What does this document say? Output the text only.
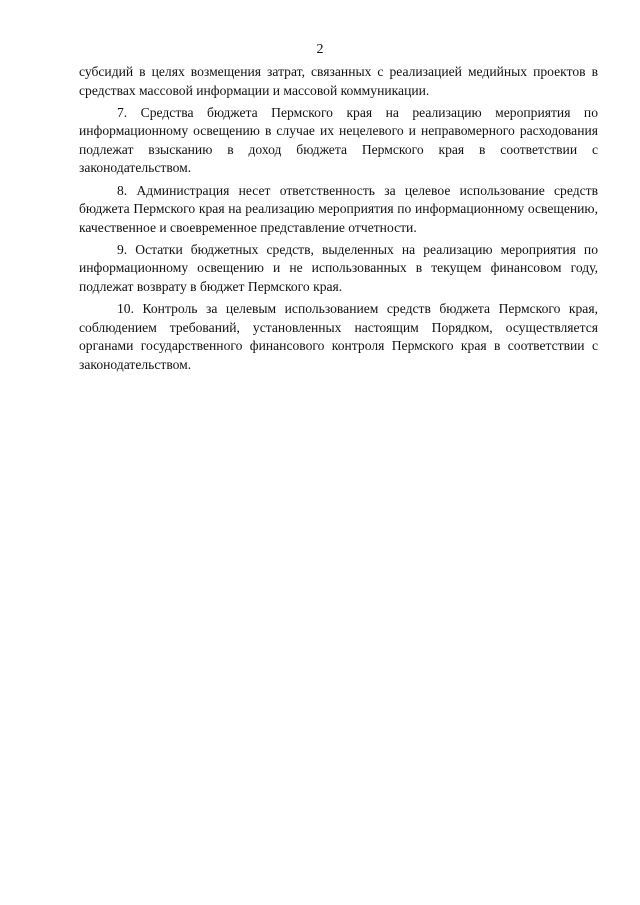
2

субсидий в целях возмещения затрат, связанных с реализацией медийных проектов в средствах массовой информации и массовой коммуникации.

7. Средства бюджета Пермского края на реализацию мероприятия по информационному освещению в случае их нецелевого и неправомерного расходования подлежат взысканию в доход бюджета Пермского края в соответствии с законодательством.

8. Администрация несет ответственность за целевое использование средств бюджета Пермского края на реализацию мероприятия по информационному освещению, качественное и своевременное представление отчетности.

9. Остатки бюджетных средств, выделенных на реализацию мероприятия по информационному освещению и не использованных в текущем финансовом году, подлежат возврату в бюджет Пермского края.

10. Контроль за целевым использованием средств бюджета Пермского края, соблюдением требований, установленных настоящим Порядком, осуществляется органами государственного финансового контроля Пермского края в соответствии с законодательством.
